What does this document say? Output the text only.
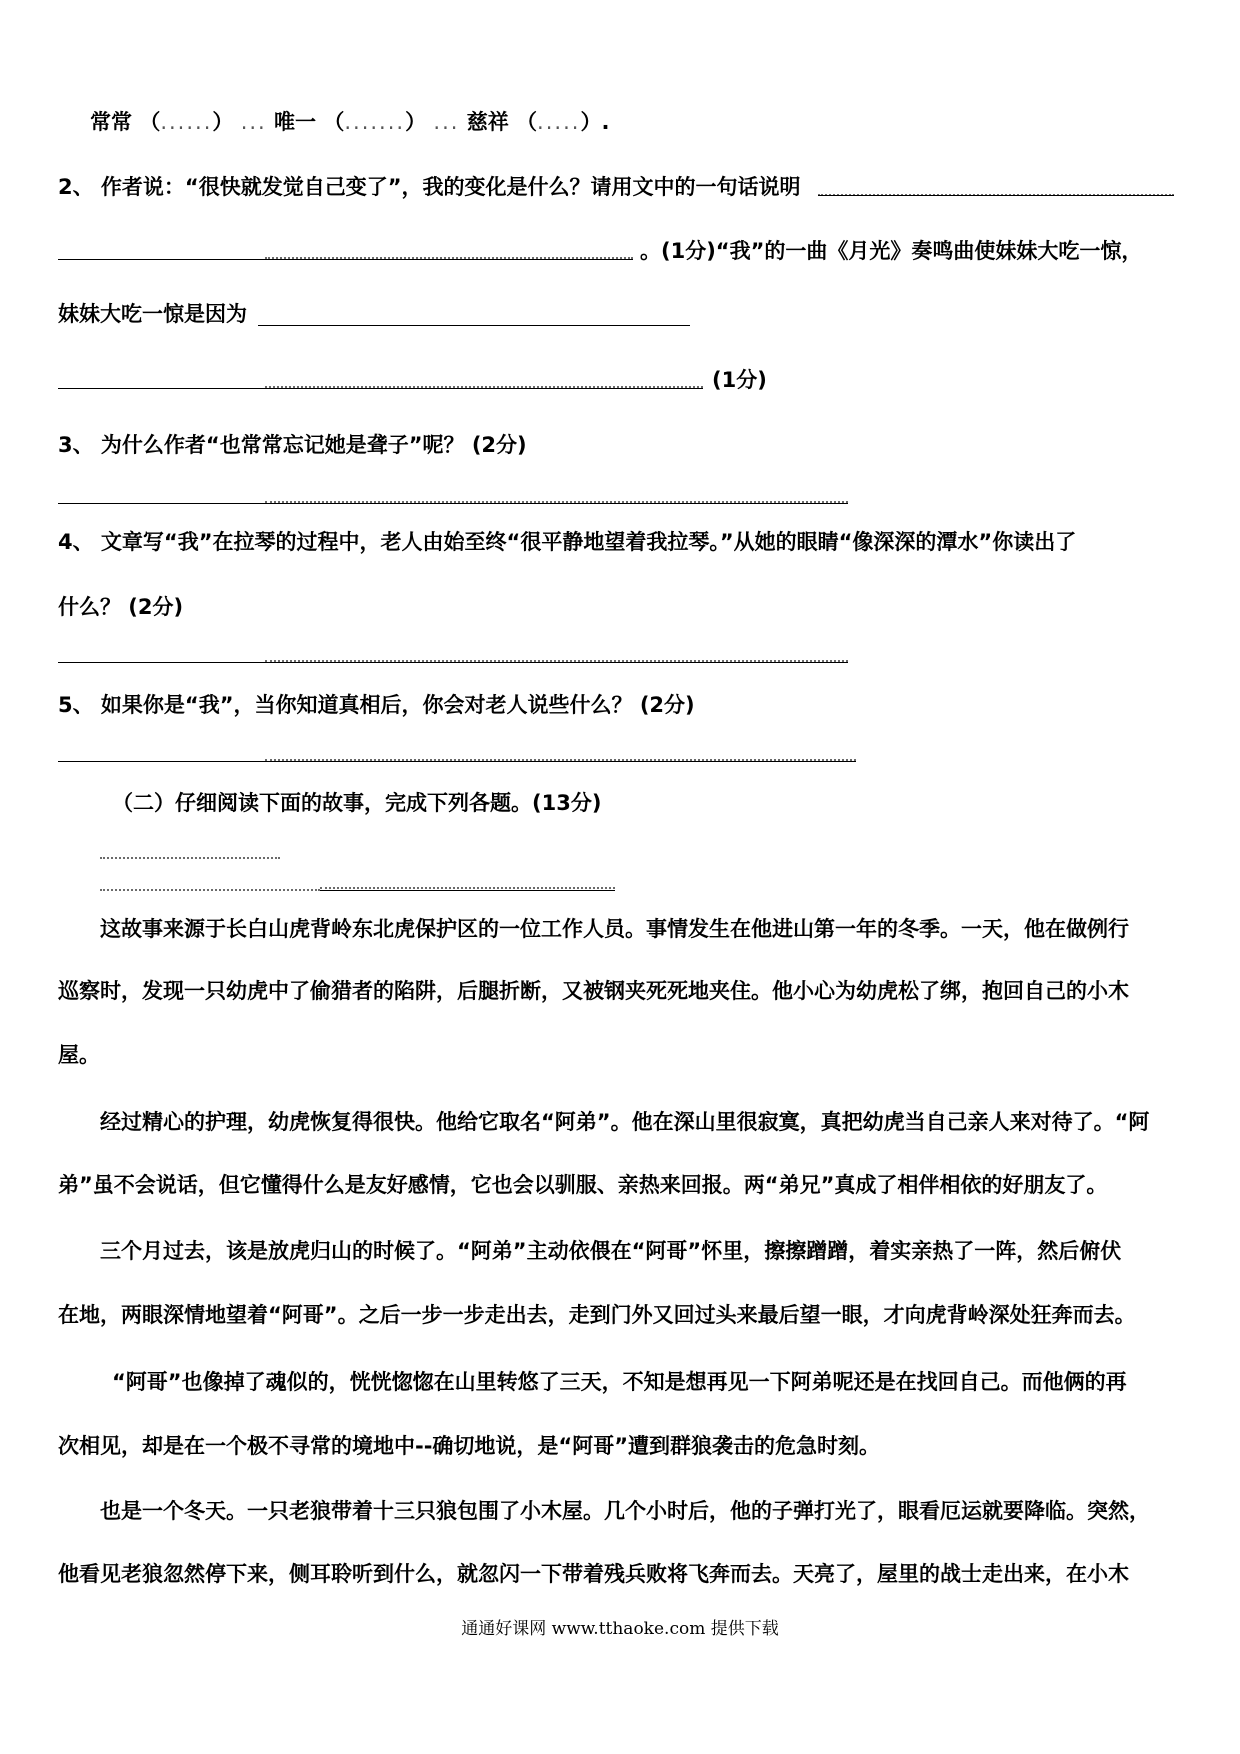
常常 （......） ... 唯一 （.......） ... 慈祥 （.....）.
2、 作者说：“很快就发觉自己变了”，我的变化是什么？请用文中的一句话说明
。(1分)“我”的一曲《月光》奏鸣曲使妹妹大吃一惊，
妹妹大吃一惊是因为
(1分)
3、 为什么作者“也常常忘记她是聋子”呢？ (2分)
4、 文章写“我”在拉琴的过程中，老人由始至终“很平静地望着我拉琴。”从她的眼睛“像深深的潭水”你读出了
什么？ (2分)
5、 如果你是“我”，当你知道真相后，你会对老人说些什么？ (2分)
（二）仔细阅读下面的故事，完成下列各题。(13分)
这故事来源于长白山虎背岭东北虎保护区的一位工作人员。事情发生在他进山第一年的冬季。一天，他在做例行
巡察时，发现一只幼虎中了偷猎者的陷阱，后腿折断，又被钢夹死死地夹住。他小心为幼虎松了绑，抱回自己的小木
屋。
经过精心的护理，幼虎恢复得很快。他给它取名“阿弟”。他在深山里很寂寞，真把幼虎当自己亲人来对待了。“阿
弟”虽不会说话，但它懂得什么是友好感情，它也会以驯服、亲热来回报。两“弟兄”真成了相伴相依的好朋友了。
三个月过去，该是放虎归山的时候了。“阿弟”主动依偎在“阿哥”怀里，擦擦蹭蹭，着实亲热了一阵，然后俯伏
在地，两眼深情地望着“阿哥”。之后一步一步走出去，走到门外又回过头来最后望一眼，才向虎背岭深处狂奔而去。
“阿哥”也像掉了魂似的，恍恍惚惚在山里转悠了三天，不知是想再见一下阿弟呢还是在找回自己。而他俩的再
次相见，却是在一个极不寻常的境地中--确切地说，是“阿哥”遭到群狼袭击的危急时刻。
也是一个冬天。一只老狼带着十三只狼包围了小木屋。几个小时后，他的子弹打光了，眼看厄运就要降临。突然，
他看见老狼忽然停下来，侧耳聆听到什么，就忽闪一下带着残兵败将飞奔而去。天亮了，屋里的战士走出来，在小木
通通好课网 www.tthaoke.com 提供下载
